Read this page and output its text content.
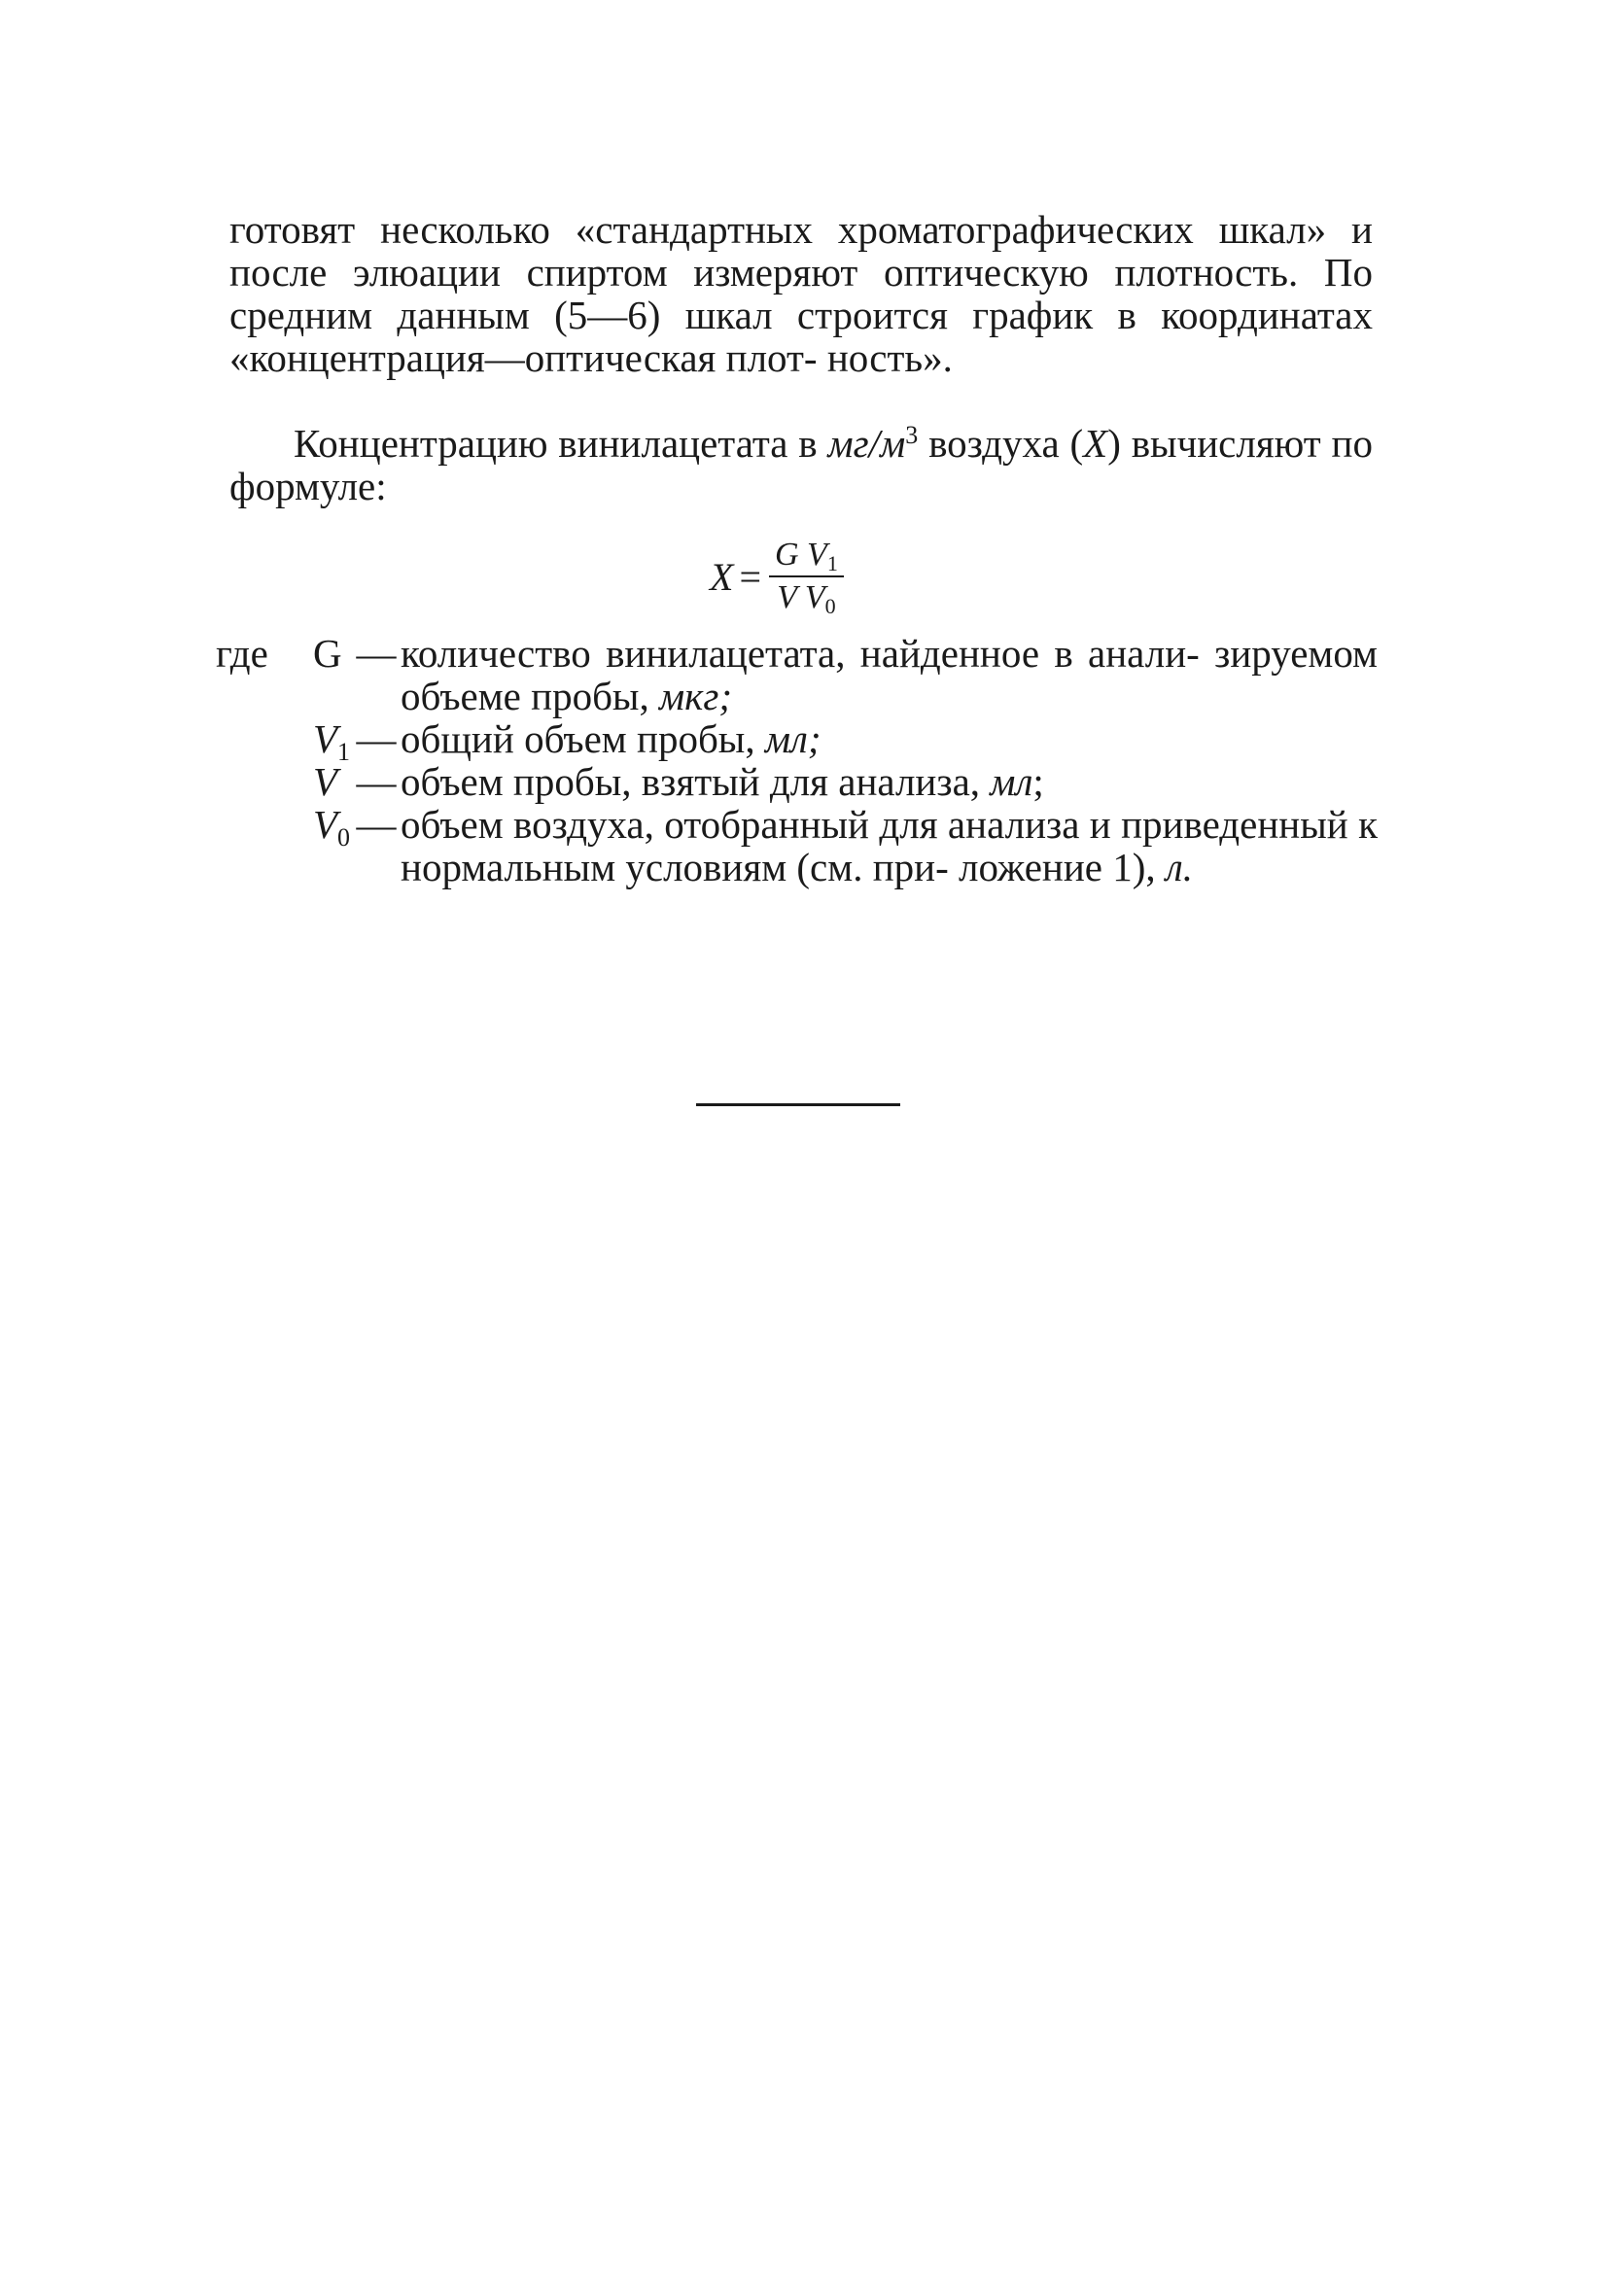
готовят несколько «стандартных хроматографических шкал» и после элюации спиртом измеряют оптическую плотность. По средним данным (5—6) шкал строится график в координатах «концентрация—оптическая плот- ность».

Концентрацию винилацетата в $мг/м^3$ воздуха (X) вычисляют по формуле:

$X = \frac{G V_1}{V V_0}$
где	G — количество винилацетата, найденное в анали- зируемом объеме пробы, мкг;
$V_1$ — общий объем пробы, мл;
V — объем пробы, взятый для анализа, мл;
$V_0$ — объем воздуха, отобранный для анализа и приведенный к нормальным условиям (см. при- ложение 1), л.
